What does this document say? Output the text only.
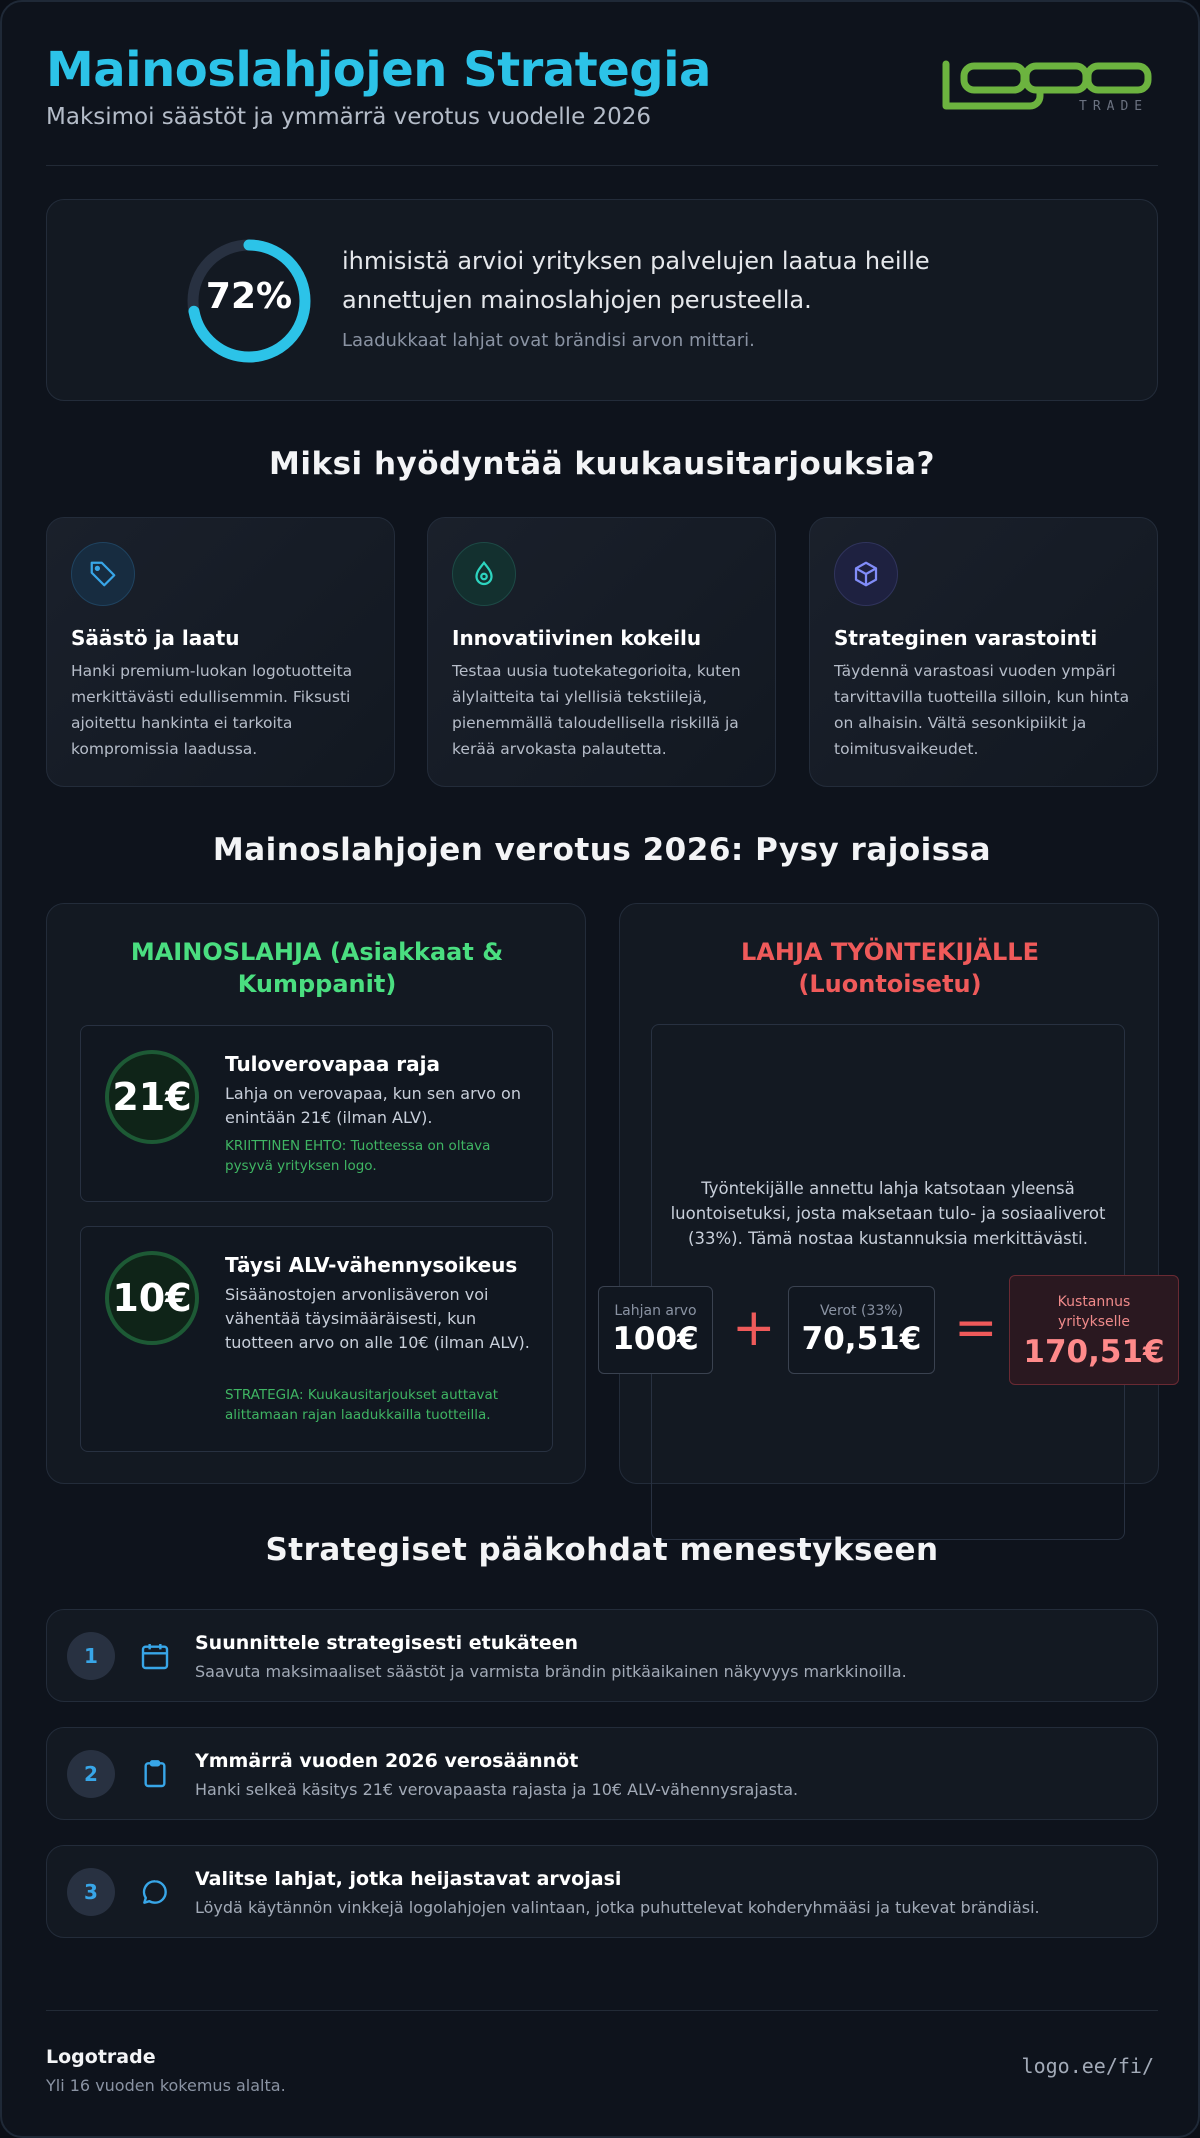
Mainoslahjojen Strategia
Maksimoi säästöt ja ymmärrä verotus vuodelle 2026	TRADE
72%
ihmisistä arvioi yrityksen palvelujen laatua heille annettujen mainoslahjojen perusteella.
Laadukkaat lahjat ovat brändisi arvon mittari.
Miksi hyödyntää kuukausitarjouksia?
Säästö ja laatu
Hanki premium-luokan logotuotteita merkittävästi edullisemmin. Fiksusti ajoitettu hankinta ei tarkoita kompromissia laadussa.
Innovatiivinen kokeilu
Testaa uusia tuotekategorioita, kuten älylaitteita tai ylellisiä tekstiilejä, pienemmällä taloudellisella riskillä ja kerää arvokasta palautetta.
Strateginen varastointi
Täydennä varastoasi vuoden ympäri tarvittavilla tuotteilla silloin, kun hinta on alhaisin. Vältä sesonkipiikit ja toimitusvaikeudet.
Mainoslahjojen verotus 2026: Pysy rajoissa
MAINOSLAHJA (Asiakkaat & Kumppanit)
21€
Tuloverovapaa raja
Lahja on verovapaa, kun sen arvo on enintään 21€ (ilman ALV).
KRIITTINEN EHTO: Tuotteessa on oltava pysyvä yrityksen logo.
10€
Täysi ALV-vähennysoikeus
Sisäänostojen arvonlisäveron voi vähentää täysimääräisesti, kun tuotteen arvo on alle 10€ (ilman ALV).
STRATEGIA: Kuukausitarjoukset auttavat alittamaan rajan laadukkailla tuotteilla.
LAHJA TYÖNTEKIJÄLLE (Luontoisetu)
Työntekijälle annettu lahja katsotaan yleensä luontoisetuksi, josta maksetaan tulo- ja sosiaaliverot (33%). Tämä nostaa kustannuksia merkittävästi.
Lahjan arvo
100€ +	Verot (33%)
70,51€ =	Kustannus yritykselle
170,51€
Strategiset pääkohdat menestykseen
1
Suunnittele strategisesti etukäteen
Saavuta maksimaaliset säästöt ja varmista brändin pitkäaikainen näkyvyys markkinoilla.
2
Ymmärrä vuoden 2026 verosäännöt
Hanki selkeä käsitys 21€ verovapaasta rajasta ja 10€ ALV-vähennysrajasta.
3
Valitse lahjat, jotka heijastavat arvojasi
Löydä käytännön vinkkejä logolahjojen valintaan, jotka puhuttelevat kohderyhmääsi ja tukevat brändiäsi.
Logotrade
Yli 16 vuoden kokemus alalta.
logo.ee/fi/
